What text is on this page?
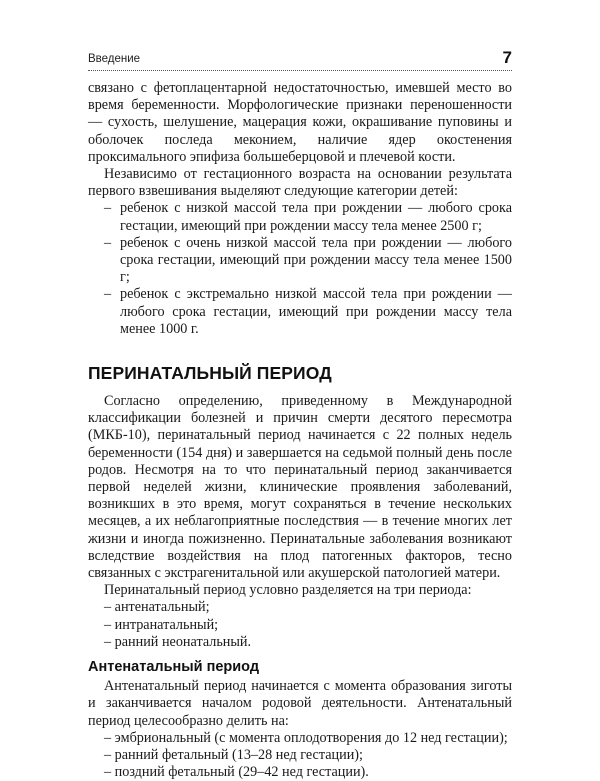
Введение	7

связано с фетоплацентарной недостаточностью, имевшей место во время беременности. Морфологические признаки переношенности — сухость, шелушение, мацерация кожи, окрашивание пуповины и оболочек последа меконием, наличие ядер окостенения проксимального эпифиза большеберцовой и плечевой кости.

Независимо от гестационного возраста на основании результата первого взвешивания выделяют следующие категории детей:

– ребенок с низкой массой тела при рождении — любого срока гестации, имеющий при рождении массу тела менее 2500 г;
– ребенок с очень низкой массой тела при рождении — любого срока гестации, имеющий при рождении массу тела менее 1500 г;
– ребенок с экстремально низкой массой тела при рождении — любого срока гестации, имеющий при рождении массу тела менее 1000 г.
ПЕРИНАТАЛЬНЫЙ ПЕРИОД

Согласно определению, приведенному в Международной классификации болезней и причин смерти десятого пересмотра (МКБ-10), перинатальный период начинается с 22 полных недель беременности (154 дня) и завершается на седьмой полный день после родов. Несмотря на то что перинатальный период заканчивается первой неделей жизни, клинические проявления заболеваний, возникших в это время, могут сохраняться в течение нескольких месяцев, а их неблагоприятные последствия — в течение многих лет жизни и иногда пожизненно. Перинатальные заболевания возникают вследствие воздействия на плод патогенных факторов, тесно связанных с экстрагенитальной или акушерской патологией матери.

Перинатальный период условно разделяется на три периода:

– антенатальный;
– интранатальный;
– ранний неонатальный.
Антенатальный период

Антенатальный период начинается с момента образования зиготы и заканчивается началом родовой деятельности. Антенатальный период целесообразно делить на:

– эмбриональный (с момента оплодотворения до 12 нед гестации);
– ранний фетальный (13–28 нед гестации);
– поздний фетальный (29–42 нед гестации).
